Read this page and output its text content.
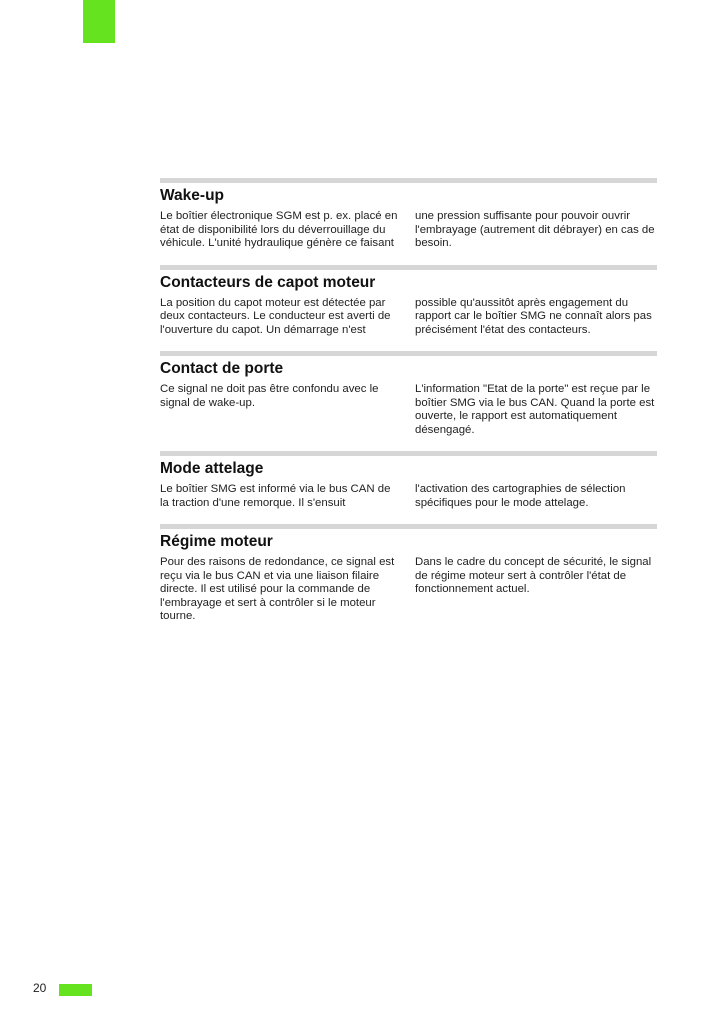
Wake-up

Le boîtier électronique SGM est p. ex. placé en état de disponibilité lors du déverrouillage du véhicule. L'unité hydraulique génère ce faisant

une pression suffisante pour pouvoir ouvrir l'embrayage (autrement dit débrayer) en cas de besoin.

Contacteurs de capot moteur

La position du capot moteur est détectée par deux contacteurs. Le conducteur est averti de l'ouverture du capot. Un démarrage n'est

possible qu'aussitôt après engagement du rapport car le boîtier SMG ne connaît alors pas précisément l'état des contacteurs.

Contact de porte

Ce signal ne doit pas être confondu avec le signal de wake-up.

L'information "Etat de la porte" est reçue par le boîtier SMG via le bus CAN. Quand la porte est ouverte, le rapport est automatiquement désengagé.

Mode attelage

Le boîtier SMG est informé via le bus CAN de la traction d'une remorque. Il s'ensuit

l'activation des cartographies de sélection spécifiques pour le mode attelage.

Régime moteur

Pour des raisons de redondance, ce signal est reçu via le bus CAN et via une liaison filaire directe. Il est utilisé pour la commande de l'embrayage et sert à contrôler si le moteur tourne.

Dans le cadre du concept de sécurité, le signal de régime moteur sert à contrôler l'état de fonctionnement actuel.

20
